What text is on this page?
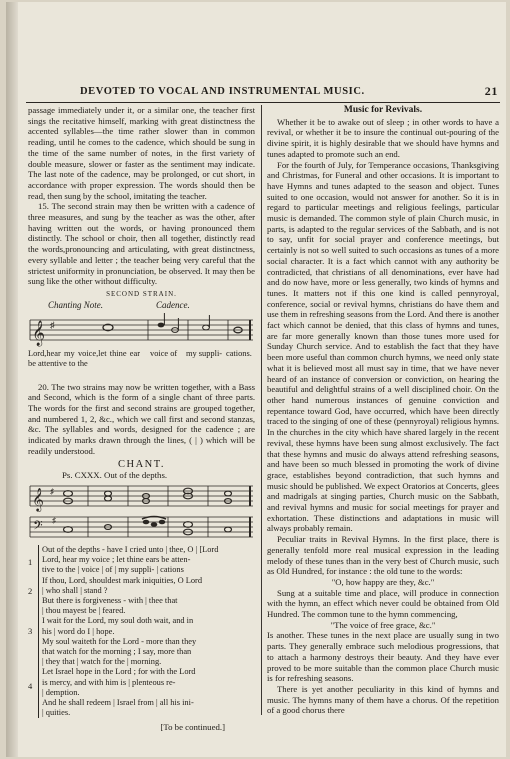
DEVOTED TO VOCAL AND INSTRUMENTAL MUSIC.	21

passage immediately under it, or a similar one, the teacher first sings the recitative himself, marking with great distinctness the accented syllables—the time rather slower than in common reading, until he comes to the cadence, which should be sung in the time of the same number of notes, in the first variety of double measure, slower or faster as the sentiment may indicate. The last note of the cadence, may be prolonged, or cut short, in accordance with proper expression. The words should then be read, then sung by the school, imitating the teacher.

15. The second strain may then be written with a cadence of three measures, and sung by the teacher as was the other, after having written out the words, or having pronounced them distinctly. The school or choir, then all together, distinctly read the words,pronouncing and articulating, with great distinctness, every syllable and letter ; the teacher being very careful that the strictest uniformity in pronunciation, be observed. It may then be sung like the other without difficulty.

SECOND STRAIN.
Chanting Note.	Cadence.
𝄞 ♯
Lord,hear my voice,let thine ear be attentive to the
voice of my suppli- cations.

20. The two strains may now be written together, with a Bass and Second, which is the form of a single chant of three parts. The words for the first and second strains are grouped together, and numbered 1, 2, &c., which we call first and second stanzas, &c. The syllables and words, designed for the cadence ; are indicated by marks drawn through the lines, ( | ) which will be readily understood.

CHANT.
Ps. CXXX. Out of the depths.
𝄞 ♯
𝄢 ♯
1

Out of the depths - have I cried unto | thee, O | [Lord

Lord, hear my voice ; let thine ears be atten-

tive to the | voice | of | my suppli- | cations

2

If thou, Lord, shouldest mark iniquities, O Lord

| who shall | stand ?

But there is forgiveness - with | thee that

| thou mayest be | feared.

3

I wait for the Lord, my soul doth wait, and in

his | word do I | hope.

My soul waiteth for the Lord - more than they

that watch for the morning ; I say, more than

| they that | watch for the | morning.

4

Let Israel hope in the Lord ; for with the Lord

is mercy, and with him is | plenteous re-

| demption.

And he shall redeem | Israel from | all his ini-

| quities.

[To be continued.]
Music for Revivals.

Whether it be to awake out of sleep ; in other words to have a revival, or whether it be to insure the continual out-pouring of the divine spirit, it is highly desirable that we should have hymns and tunes adapted to promote such an end.

For the fourth of July, for Temperance occasions, Thanksgiving and Christmas, for Funeral and other occasions. It is important to have Hymns and tunes adapted to the season and object. Tunes suited to one occasion, would not answer for another. So it is in regard to particular meetings and religious feelings, particular music is demanded. The common style of plain Church music, in parts, is adapted to the regular services of the Sabbath, and is not to say, unfit for social prayer and conference meetings, but certainly is not so well suited to such occasions as tunes of a more social character. It is a fact which cannot with any authority be contradicted, that christians of all denominations, ever have had and do now have, more or less generally, two kinds of hymns and tunes. It matters not if this one kind is called pennyroyal, conference, social or revival hymns, christians do have them and use them in refreshing seasons from the Lord. And there is another fact which cannot be denied, that this class of hymns and tunes, are far more generally known than those tunes more used for Sunday Church service. And to establish the fact that they have been more useful than common church hymns, we need only state what it is believed most all must say in time, that we have never heard of an instance of conversion or conviction, on hearing the beautiful and delightful strains of a well disciplined choir. On the other hand numerous instances of genuine conviction and repentance toward God, have occurred, which have been directly traced to the singing of one of these (pennyroyal) religious hymns. In the churches in the city which have shared largely in the recent revival, these hymns have been sung almost exclusively. The fact that these hymns and music do always attend refreshing seasons, and have been so much blessed in promoting the work of divine grace, establishes beyond contradiction, that such hymns and music should be published. We expect Oratorios at Concerts, glees and madrigals at singing parties, Church music on the Sabbath, and revival hymns and music for social meetings for prayer and exhortation. These distinctions and adaptations in music will always probably remain.

Peculiar traits in Revival Hymns. In the first place, there is generally tenfold more real musical expression in the leading melody of these tunes than in the very best of Church music, such as Old Hundred, for instance : the old tune to the words:

"O, how happy are they, &c."

Sung at a suitable time and place, will produce in connection with the hymn, an effect which never could be obtained from Old Hundred. The common tune to the hymn commencing,

"The voice of free grace, &c."

Is another. These tunes in the next place are usually sung in two parts. They generally embrace such melodious progressions, that to attach a harmony destroys their beauty. And they have ever proved to be more suitable than the common place Church music is for refreshing seasons.

There is yet another peculiarity in this kind of hymns and music. The hymns many of them have a chorus. Of the repetition of a good chorus there
